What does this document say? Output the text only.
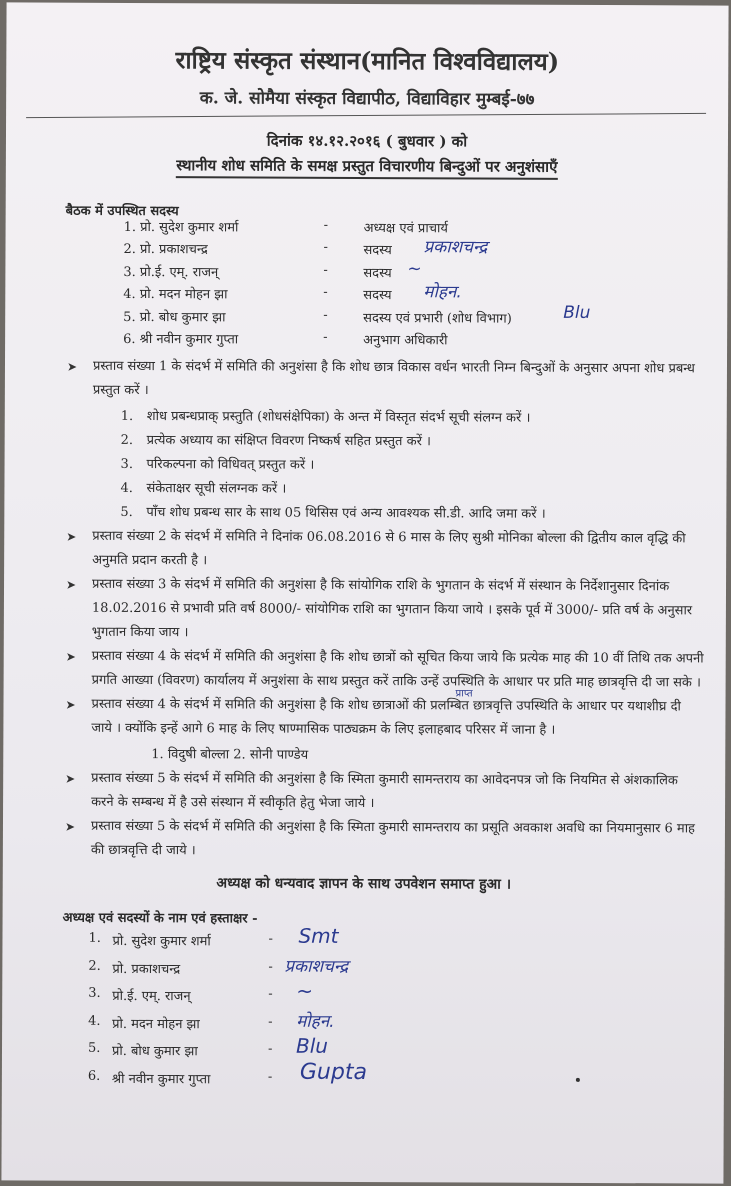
राष्ट्रिय संस्कृत संस्थान(मानित विश्वविद्यालय)
क. जे. सोमैया संस्कृत विद्यापीठ, विद्याविहार मुम्बई-७७
दिनांक १४.१२.२०१६ ( बुधवार ) को
स्थानीय शोध समिति के समक्ष प्रस्तुत विचारणीय बिन्दुओं पर अनुशंसाएँ
बैठक में उपस्थित सदस्य
1. प्रो. सुदेश कुमार शर्मा	-	अध्यक्ष एवं प्राचार्य
2. प्रो. प्रकाशचन्द्र	-	सदस्य प्रकाशचन्द्र
3. प्रो.ई. एम्. राजन्	-	सदस्य ~
4. प्रो. मदन मोहन झा	-	सदस्य मोहन.
5. प्रो. बोध कुमार झा	-	सदस्य एवं प्रभारी (शोध विभाग)	Blu
6. श्री नवीन कुमार गुप्ता	-	अनुभाग अधिकारी
➤ प्रस्ताव संख्या 1 के संदर्भ में समिति की अनुशंसा है कि शोध छात्र विकास वर्धन भारती निम्न बिन्दुओं के अनुसार अपना शोध प्रबन्ध प्रस्तुत करें ।
1. शोध प्रबन्धप्राक् प्रस्तुति (शोधसंक्षेपिका) के अन्त में विस्तृत संदर्भ सूची संलग्न करें ।
2. प्रत्येक अध्याय का संक्षिप्त विवरण निष्कर्ष सहित प्रस्तुत करें ।
3. परिकल्पना को विधिवत् प्रस्तुत करें ।
4. संकेताक्षर सूची संलग्नक करें ।
5. पाँच शोध प्रबन्ध सार के साथ 05 थिसिस एवं अन्य आवश्यक सी.डी. आदि जमा करें ।
➤ प्रस्ताव संख्या 2 के संदर्भ में समिति ने दिनांक 06.08.2016 से 6 मास के लिए सुश्री मोनिका बोल्ला की द्वितीय काल वृद्धि की अनुमति प्रदान करती है ।
➤ प्रस्ताव संख्या 3 के संदर्भ में समिति की अनुशंसा है कि सांयोगिक राशि के भुगतान के संदर्भ में संस्थान के निर्देशानुसार दिनांक 18.02.2016 से प्रभावी प्रति वर्ष 8000/- सांयोगिक राशि का भुगतान किया जाये । इसके पूर्व में 3000/- प्रति वर्ष के अनुसार भुगतान किया जाय ।
➤ प्रस्ताव संख्या 4 के संदर्भ में समिति की अनुशंसा है कि शोध छात्रों को सूचित किया जाये कि प्रत्येक माह की 10 वीं तिथि तक अपनी प्रगति आख्या (विवरण) कार्यालय में अनुशंसा के साथ प्रस्तुत करें ताकि उन्हें उपस्थिति के आधार पर प्रति माह छात्रवृत्ति दी जा सके ।
➤
प्राप्त
प्रस्ताव संख्या 4 के संदर्भ में समिति की अनुशंसा है कि शोध छात्राओं की प्रलम्बित छात्रवृत्ति उपस्थिति के आधार पर यथाशीघ्र दी जाये । क्योंकि इन्हें आगे 6 माह के लिए षाण्मासिक पाठ्यक्रम के लिए इलाहबाद परिसर में जाना है ।
1. विदुषी बोल्ला 2. सोनी पाण्डेय
➤ प्रस्ताव संख्या 5 के संदर्भ में समिति की अनुशंसा है कि स्मिता कुमारी सामन्तराय का आवेदनपत्र जो कि नियमित से अंशकालिक करने के सम्बन्ध में है उसे संस्थान में स्वीकृति हेतु भेजा जाये ।
➤ प्रस्ताव संख्या 5 के संदर्भ में समिति की अनुशंसा है कि स्मिता कुमारी सामन्तराय का प्रसूति अवकाश अवधि का नियमानुसार 6 माह की छात्रवृत्ति दी जाये ।
अध्यक्ष को धन्यवाद ज्ञापन के साथ उपवेशन समाप्त हुआ ।
अध्यक्ष एवं सदस्यों के नाम एवं हस्ताक्षर -
1. प्रो. सुदेश कुमार शर्मा	- Smt
2. प्रो. प्रकाशचन्द्र	- प्रकाशचन्द्र
3. प्रो.ई. एम्. राजन्	- ~
4. प्रो. मदन मोहन झा	- मोहन.
5. प्रो. बोध कुमार झा	- Blu
6. श्री नवीन कुमार गुप्ता	- Gupta
